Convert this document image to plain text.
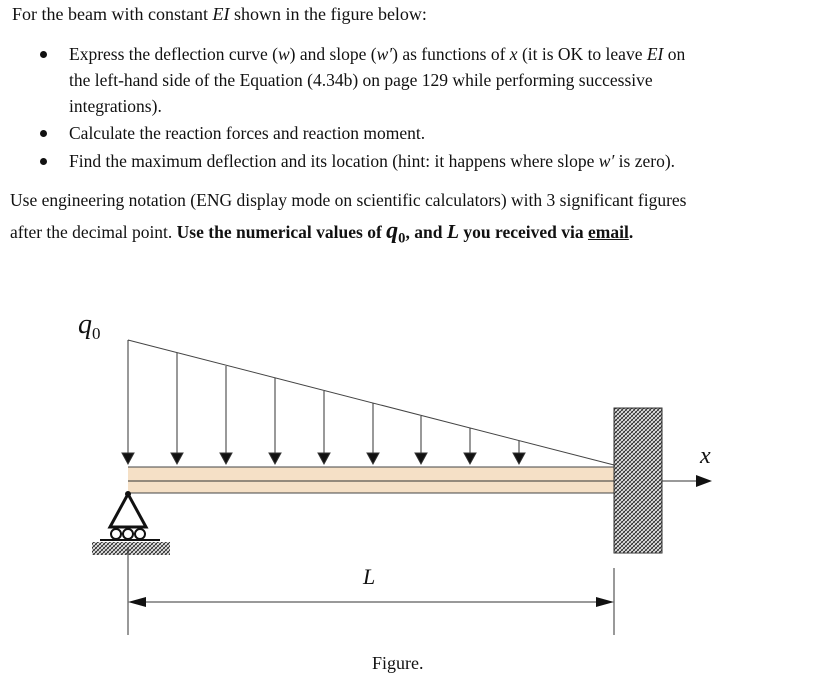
For the beam with constant EI shown in the figure below:
Express the deflection curve (w) and slope (w′) as functions of x (it is OK to leave EI on
the left-hand side of the Equation (4.34b) on page 129 while performing successive
integrations).
Calculate the reaction forces and reaction moment.
Find the maximum deflection and its location (hint: it happens where slope w′ is zero).
Use engineering notation (ENG display mode on scientific calculators) with 3 significant figures
after the decimal point. Use the numerical values of $q_0$, and L you received via email.
q 0
L
x
Figure.
